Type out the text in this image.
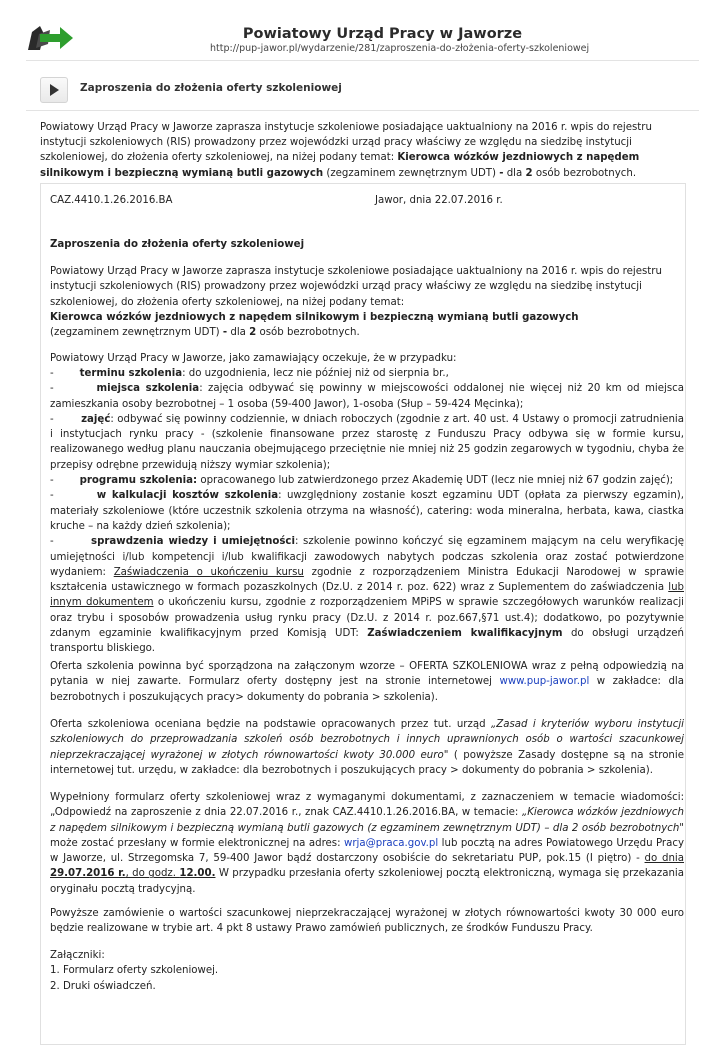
Powiatowy Urząd Pracy w Jaworze
http://pup-jawor.pl/wydarzenie/281/zaproszenia-do-złożenia-oferty-szkoleniowej
Zaproszenia do złożenia oferty szkoleniowej
Powiatowy Urząd Pracy w Jaworze zaprasza instytucje szkoleniowe posiadające uaktualniony na 2016 r. wpis do rejestru instytucji szkoleniowych (RIS) prowadzony przez wojewódzki urząd pracy właściwy ze względu na siedzibę instytucji szkoleniowej, do złożenia oferty szkoleniowej, na niżej podany temat: Kierowca wózków jezdniowych z napędem silnikowym i bezpieczną wymianą butli gazowych (zegzaminem zewnętrznym UDT) - dla 2 osób bezrobotnych.
CAZ.4410.1.26.2016.BA	Jawor, dnia 22.07.2016 r.
Zaproszenia do złożenia oferty szkoleniowej
Powiatowy Urząd Pracy w Jaworze zaprasza instytucje szkoleniowe posiadające uaktualniony na 2016 r. wpis do rejestru instytucji szkoleniowych (RIS) prowadzony przez wojewódzki urząd pracy właściwy ze względu na siedzibę instytucji szkoleniowej, do złożenia oferty szkoleniowej, na niżej podany temat:
Kierowca wózków jezdniowych z napędem silnikowym i bezpieczną wymianą butli gazowych
(zegzaminem zewnętrznym UDT) - dla 2 osób bezrobotnych.
Powiatowy Urząd Pracy w Jaworze, jako zamawiający oczekuje, że w przypadku:
-        terminu szkolenia: do uzgodnienia, lecz nie później niż od sierpnia br.,
-        miejsca szkolenia: zajęcia odbywać się powinny w miejscowości oddalonej nie więcej niż 20 km od miejsca zamieszkania osoby bezrobotnej – 1 osoba (59-400 Jawor), 1-osoba (Słup – 59-424 Męcinka);
-        zajęć: odbywać się powinny codziennie, w dniach roboczych (zgodnie z art. 40 ust. 4 Ustawy o promocji zatrudnienia i instytucjach rynku pracy - (szkolenie finansowane przez starostę z Funduszu Pracy odbywa się w formie kursu, realizowanego według planu nauczania obejmującego przeciętnie nie mniej niż 25 godzin zegarowych w tygodniu, chyba że przepisy odrębne przewidują niższy wymiar szkolenia);
-        programu szkolenia: opracowanego lub zatwierdzonego przez Akademię UDT (lecz nie mniej niż 67 godzin zajęć);
-        w kalkulacji kosztów szkolenia: uwzględniony zostanie koszt egzaminu UDT (opłata za pierwszy egzamin), materiały szkoleniowe (które uczestnik szkolenia otrzyma na własność), catering: woda mineralna, herbata, kawa, ciastka kruche – na każdy dzień szkolenia);
-        sprawdzenia wiedzy i umiejętności: szkolenie powinno kończyć się egzaminem mającym na celu weryfikację umiejętności i/lub kompetencji i/lub kwalifikacji zawodowych nabytych podczas szkolenia oraz zostać potwierdzone wydaniem: Zaświadczenia o ukończeniu kursu zgodnie z rozporządzeniem Ministra Edukacji Narodowej w sprawie kształcenia ustawicznego w formach pozaszkolnych (Dz.U. z 2014 r. poz. 622) wraz z Suplementem do zaświadczenia lub innym dokumentem o ukończeniu kursu, zgodnie z rozporządzeniem MPiPS w sprawie szczegółowych warunków realizacji oraz trybu i sposobów prowadzenia usług rynku pracy (Dz.U. z 2014 r. poz.667,§71 ust.4); dodatkowo, po pozytywnie zdanym egzaminie kwalifikacyjnym przed Komisją UDT: Zaświadczeniem kwalifikacyjnym do obsługi urządzeń transportu bliskiego.
Oferta szkolenia powinna być sporządzona na załączonym wzorze – OFERTA SZKOLENIOWA wraz z pełną odpowiedzią na pytania w niej zawarte. Formularz oferty dostępny jest na stronie internetowej www.pup-jawor.pl w zakładce: dla bezrobotnych i poszukujących pracy> dokumenty do pobrania > szkolenia).
Oferta szkoleniowa oceniana będzie na podstawie opracowanych przez tut. urząd „Zasad i kryteriów wyboru instytucji szkoleniowych do przeprowadzania szkoleń osób bezrobotnych i innych uprawnionych osób o wartości szacunkowej nieprzekraczającej wyrażonej w złotych równowartości kwoty 30.000 euro" ( powyższe Zasady dostępne są na stronie internetowej tut. urzędu, w zakładce: dla bezrobotnych i poszukujących pracy > dokumenty do pobrania > szkolenia).
Wypełniony formularz oferty szkoleniowej wraz z wymaganymi dokumentami, z zaznaczeniem w temacie wiadomości: „Odpowiedź na zaproszenie z dnia 22.07.2016 r., znak CAZ.4410.1.26.2016.BA, w temacie: „Kierowca wózków jezdniowych z napędem silnikowym i bezpieczną wymianą butli gazowych (z egzaminem zewnętrznym UDT) – dla 2 osób bezrobotnych" może zostać przesłany w formie elektronicznej na adres: wrja@praca.gov.pl lub pocztą na adres Powiatowego Urzędu Pracy w Jaworze, ul. Strzegomska 7, 59-400 Jawor bądź dostarczony osobiście do sekretariatu PUP, pok.15 (I piętro) - do dnia 29.07.2016 r., do godz. 12.00. W przypadku przesłania oferty szkoleniowej pocztą elektroniczną, wymaga się przekazania oryginału pocztą tradycyjną.
Powyższe zamówienie o wartości szacunkowej nieprzekraczającej wyrażonej w złotych równowartości kwoty 30 000 euro będzie realizowane w trybie art. 4 pkt 8 ustawy Prawo zamówień publicznych, ze środków Funduszu Pracy.
Załączniki:
1. Formularz oferty szkoleniowej.
2. Druki oświadczeń.
